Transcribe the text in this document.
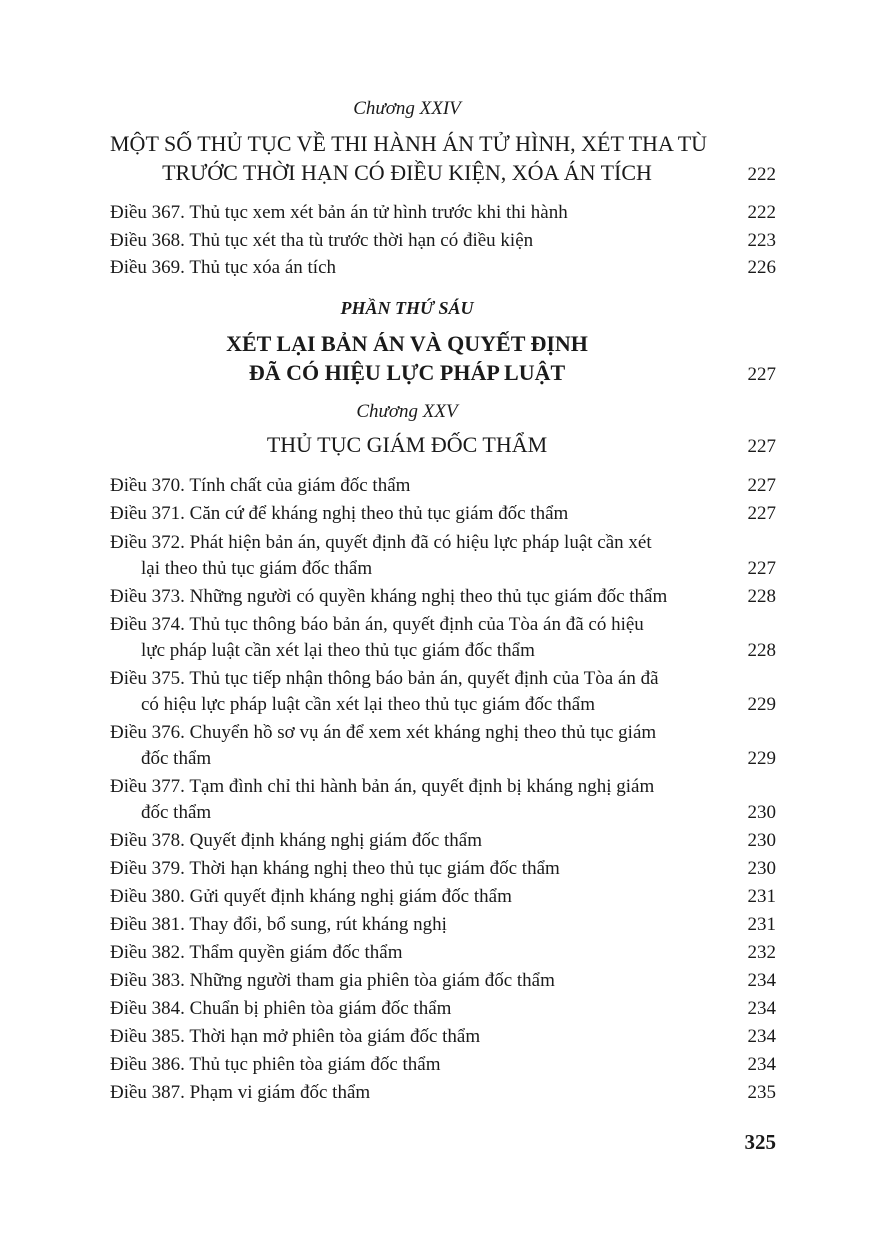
Chương XXIV
MỘT SỐ THỦ TỤC VỀ THI HÀNH ÁN TỬ HÌNH, XÉT THA TÙ
TRƯỚC THỜI HẠN CÓ ĐIỀU KIỆN, XÓA ÁN TÍCH	222
Điều 367. Thủ tục xem xét bản án tử hình trước khi thi hành	222
Điều 368. Thủ tục xét tha tù trước thời hạn có điều kiện	223
Điều 369. Thủ tục xóa án tích	226
PHẦN THỨ SÁU
XÉT LẠI BẢN ÁN VÀ QUYẾT ĐỊNH
ĐÃ CÓ HIỆU LỰC PHÁP LUẬT	227
Chương XXV
THỦ TỤC GIÁM ĐỐC THẨM	227
Điều 370. Tính chất của giám đốc thẩm	227
Điều 371. Căn cứ để kháng nghị theo thủ tục giám đốc thẩm	227
Điều 372. Phát hiện bản án, quyết định đã có hiệu lực pháp luật cần xét
lại theo thủ tục giám đốc thẩm	227
Điều 373. Những người có quyền kháng nghị theo thủ tục giám đốc thẩm	228
Điều 374. Thủ tục thông báo bản án, quyết định của Tòa án đã có hiệu
lực pháp luật cần xét lại theo thủ tục giám đốc thẩm	228
Điều 375. Thủ tục tiếp nhận thông báo bản án, quyết định của Tòa án đã
có hiệu lực pháp luật cần xét lại theo thủ tục giám đốc thẩm	229
Điều 376. Chuyển hồ sơ vụ án để xem xét kháng nghị theo thủ tục giám
đốc thẩm	229
Điều 377. Tạm đình chỉ thi hành bản án, quyết định bị kháng nghị giám
đốc thẩm	230
Điều 378. Quyết định kháng nghị giám đốc thẩm	230
Điều 379. Thời hạn kháng nghị theo thủ tục giám đốc thẩm	230
Điều 380. Gửi quyết định kháng nghị giám đốc thẩm	231
Điều 381. Thay đổi, bổ sung, rút kháng nghị	231
Điều 382. Thẩm quyền giám đốc thẩm	232
Điều 383. Những người tham gia phiên tòa giám đốc thẩm	234
Điều 384. Chuẩn bị phiên tòa giám đốc thẩm	234
Điều 385. Thời hạn mở phiên tòa giám đốc thẩm	234
Điều 386. Thủ tục phiên tòa giám đốc thẩm	234
Điều 387. Phạm vi giám đốc thẩm	235
325
